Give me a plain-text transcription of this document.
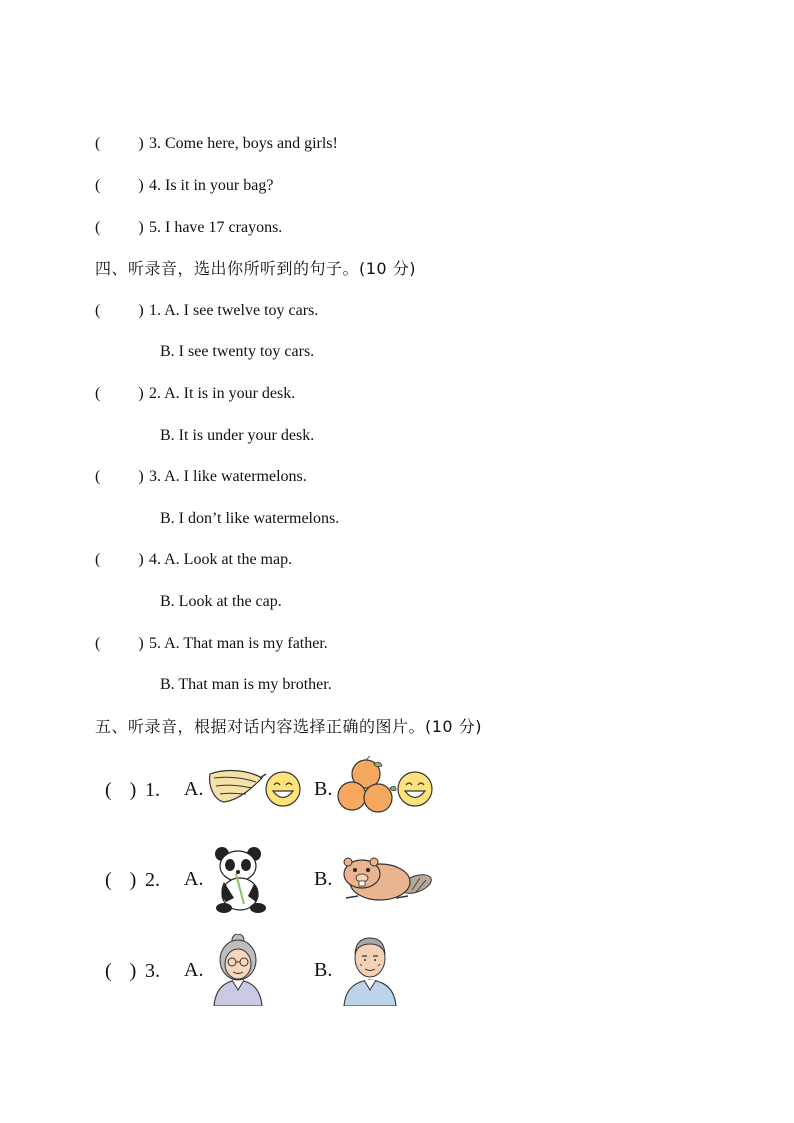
( ) 3. Come here, boys and girls!
( ) 4. Is it in your bag?
( ) 5. I have 17 crayons.
四、听录音，选出你所听到的句子。(10 分)
( ) 1. A. I see twelve toy cars.
B. I see twenty toy cars.
( ) 2. A. It is in your desk.
B. It is under your desk.
( ) 3. A. I like watermelons.
B. I don’t like watermelons.
( ) 4. A. Look at the map.
B. Look at the cap.
( ) 5. A. That man is my father.
B. That man is my brother.
五、听录音，根据对话内容选择正确的图片。(10 分)
( ) 1. A.	B.
( ) 2. A.	B.
( ) 3. A.	B.
